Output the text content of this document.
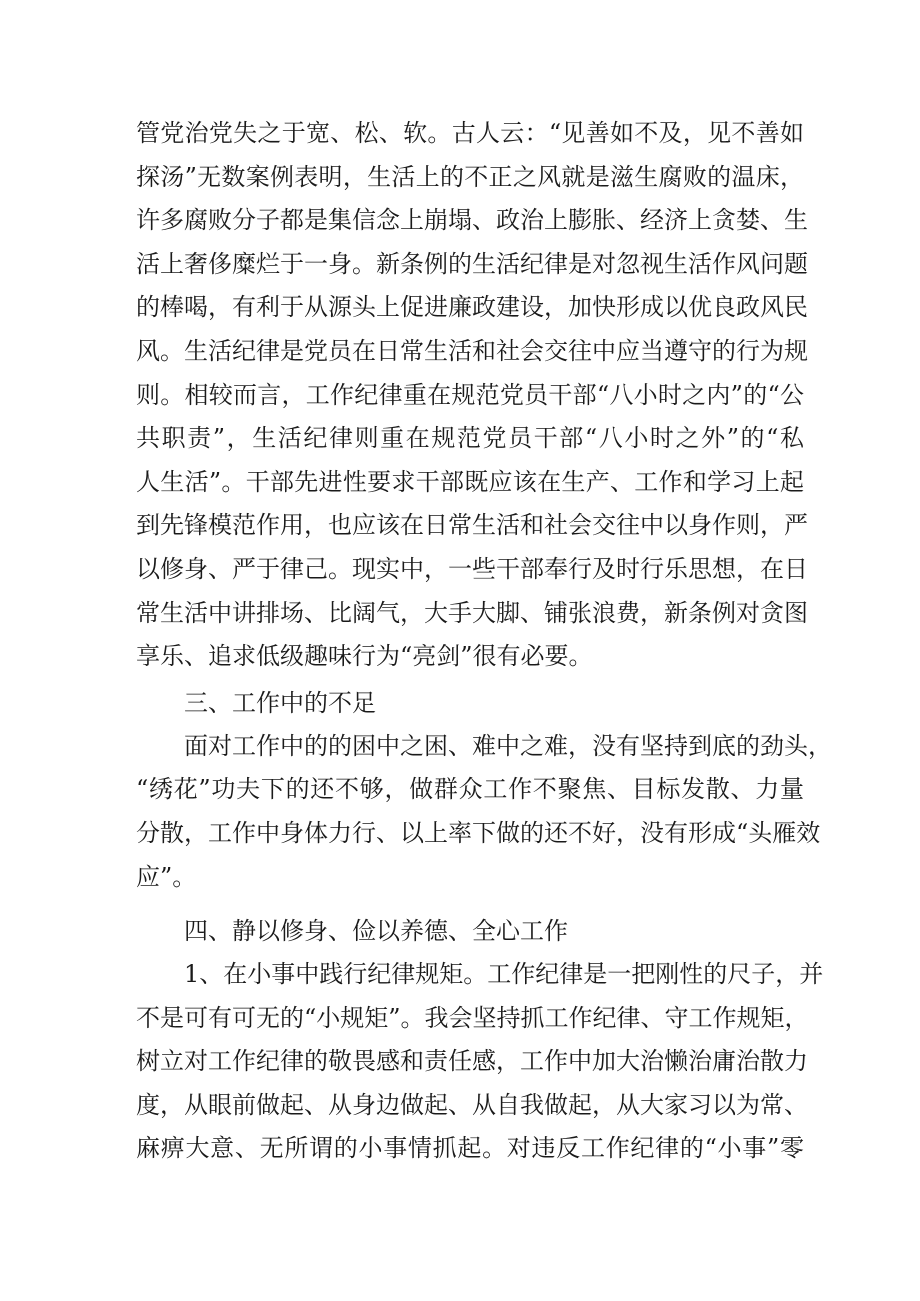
管党治党失之于宽、松、软。古人云：“见善如不及，见不善如
探汤”无数案例表明，生活上的不正之风就是滋生腐败的温床，
许多腐败分子都是集信念上崩塌、政治上膨胀、经济上贪婪、生
活上奢侈糜烂于一身。新条例的生活纪律是对忽视生活作风问题
的棒喝，有利于从源头上促进廉政建设，加快形成以优良政风民
风。生活纪律是党员在日常生活和社会交往中应当遵守的行为规
则。相较而言，工作纪律重在规范党员干部“八小时之内”的“公
共职责”，生活纪律则重在规范党员干部“八小时之外”的“私
人生活”。干部先进性要求干部既应该在生产、工作和学习上起
到先锋模范作用，也应该在日常生活和社会交往中以身作则，严
以修身、严于律己。现实中，一些干部奉行及时行乐思想，在日
常生活中讲排场、比阔气，大手大脚、铺张浪费，新条例对贪图
享乐、追求低级趣味行为“亮剑”很有必要。
三、工作中的不足
面对工作中的的困中之困、难中之难，没有坚持到底的劲头，
“绣花”功夫下的还不够，做群众工作不聚焦、目标发散、力量
分散，工作中身体力行、以上率下做的还不好，没有形成“头雁效
应”。
四、静以修身、俭以养德、全心工作
1、在小事中践行纪律规矩。工作纪律是一把刚性的尺子，并
不是可有可无的“小规矩”。我会坚持抓工作纪律、守工作规矩，
树立对工作纪律的敬畏感和责任感，工作中加大治懒治庸治散力
度，从眼前做起、从身边做起、从自我做起，从大家习以为常、
麻痹大意、无所谓的小事情抓起。对违反工作纪律的“小事”零
